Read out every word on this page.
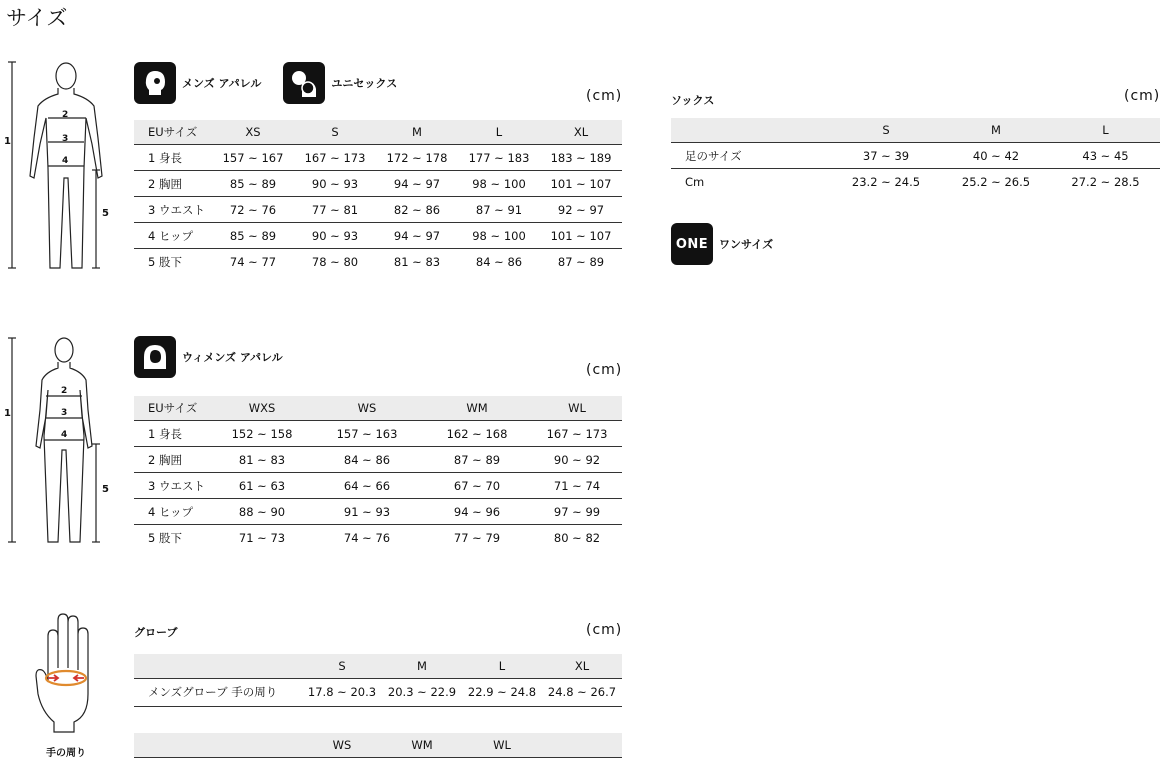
サイズ
1
2
3
4
5
メンズ アパレル	ユニセックス
(cm)
EUサイズ	XS	S	M	L	XL
1 身長	157 ~ 167	167 ~ 173	172 ~ 178	177 ~ 183	183 ~ 189
2 胸囲	85 ~ 89	90 ~ 93	94 ~ 97	98 ~ 100	101 ~ 107
3 ウエスト	72 ~ 76	77 ~ 81	82 ~ 86	87 ~ 91	92 ~ 97
4 ヒップ	85 ~ 89	90 ~ 93	94 ~ 97	98 ~ 100	101 ~ 107
5 股下	74 ~ 77	78 ~ 80	81 ~ 83	84 ~ 86	87 ~ 89
1
2
3
4
5
ウィメンズ アパレル
(cm)
EUサイズ	WXS	WS	WM	WL
1 身長	152 ~ 158	157 ~ 163	162 ~ 168	167 ~ 173
2 胸囲	81 ~ 83	84 ~ 86	87 ~ 89	90 ~ 92
3 ウエスト	61 ~ 63	64 ~ 66	67 ~ 70	71 ~ 74
4 ヒップ	88 ~ 90	91 ~ 93	94 ~ 96	97 ~ 99
5 股下	71 ~ 73	74 ~ 76	77 ~ 79	80 ~ 82
手の周り
グローブ	(cm)
	S	M	L	XL
メンズグローブ 手の周り	17.8 ~ 20.3	20.3 ~ 22.9	22.9 ~ 24.8	24.8 ~ 26.7
	WS	WM	WL	
ソックス	(cm)
	S	M	L
足のサイズ	37 ~ 39	40 ~ 42	43 ~ 45
Cm	23.2 ~ 24.5	25.2 ~ 26.5	27.2 ~ 28.5
ONE ワンサイズ
